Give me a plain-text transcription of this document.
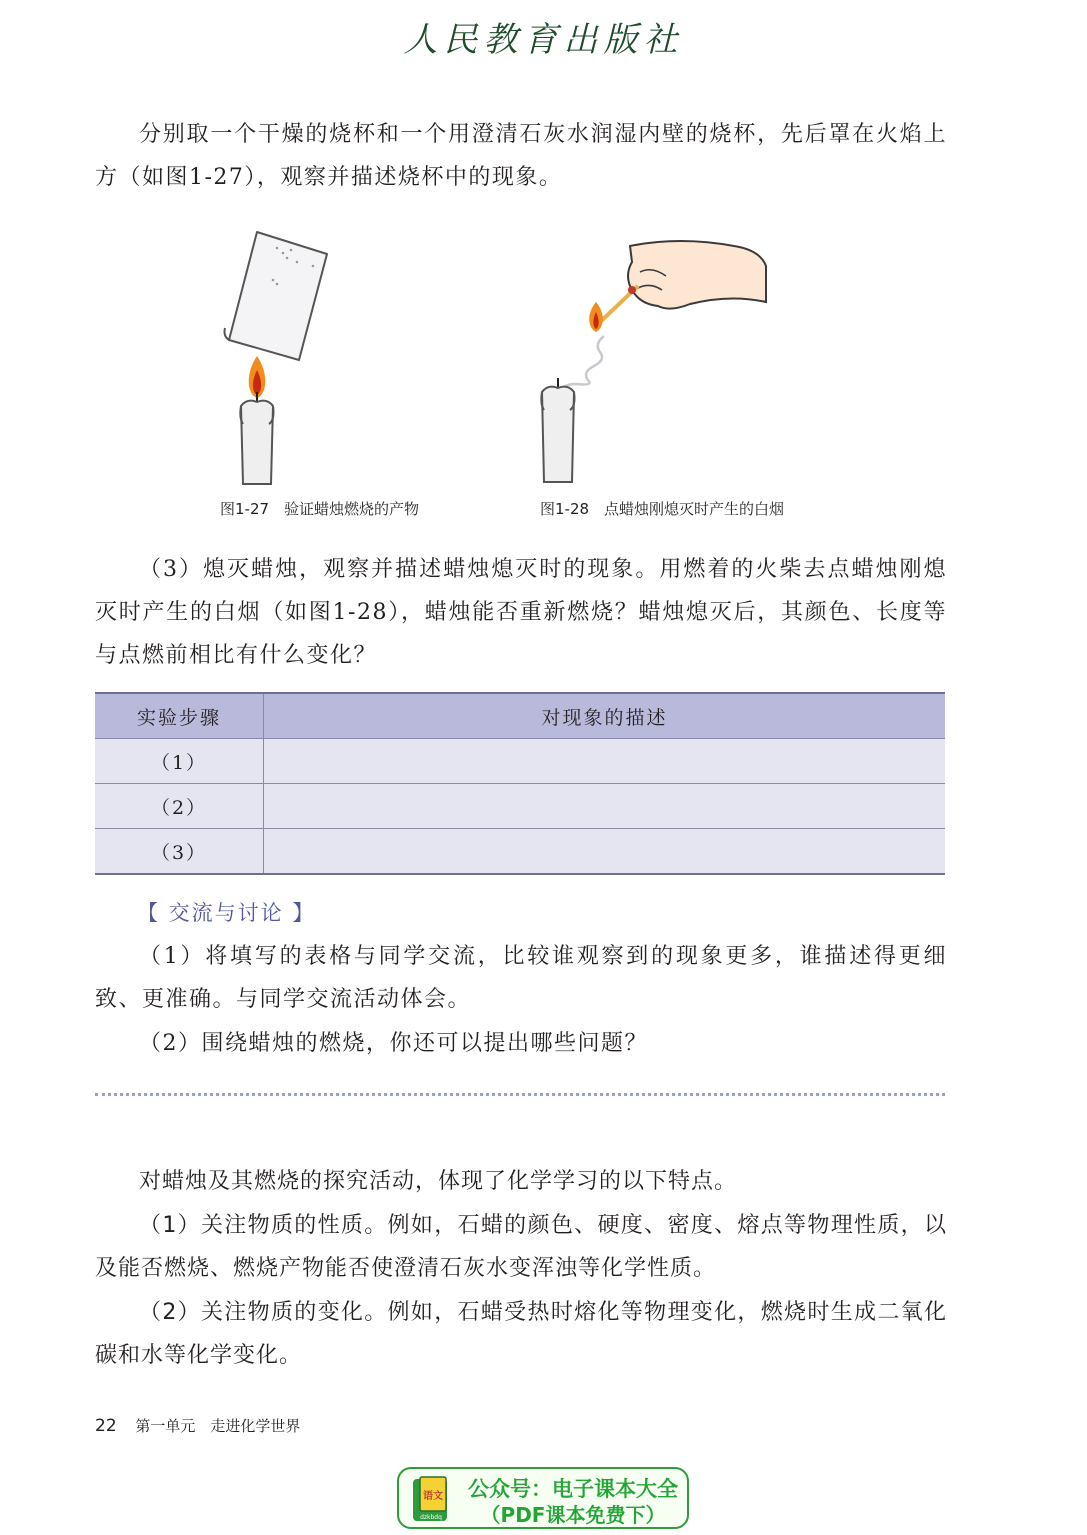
人民教育出版社

分别取一个干燥的烧杯和一个用澄清石灰水润湿内壁的烧杯，先后罩在火焰上方（如图1-27），观察并描述烧杯中的现象。

图1-27　验证蜡烛燃烧的产物	图1-28　点蜡烛刚熄灭时产生的白烟

（3）熄灭蜡烛，观察并描述蜡烛熄灭时的现象。用燃着的火柴去点蜡烛刚熄灭时产生的白烟（如图1-28），蜡烛能否重新燃烧？蜡烛熄灭后，其颜色、长度等与点燃前相比有什么变化？

实验步骤	对现象的描述
（1）	
（2）	
（3）	
【 交流与讨论 】

（1）将填写的表格与同学交流，比较谁观察到的现象更多，谁描述得更细致、更准确。与同学交流活动体会。

（2）围绕蜡烛的燃烧，你还可以提出哪些问题？

对蜡烛及其燃烧的探究活动，体现了化学学习的以下特点。

（1）关注物质的性质。例如，石蜡的颜色、硬度、密度、熔点等物理性质，以及能否燃烧、燃烧产物能否使澄清石灰水变浑浊等化学性质。

（2）关注物质的变化。例如，石蜡受热时熔化等物理变化，燃烧时生成二氧化碳和水等化学变化。

22 第一单元　走进化学世界
语文
dzkbdq
公众号：电子课本大全
（PDF课本免费下）
